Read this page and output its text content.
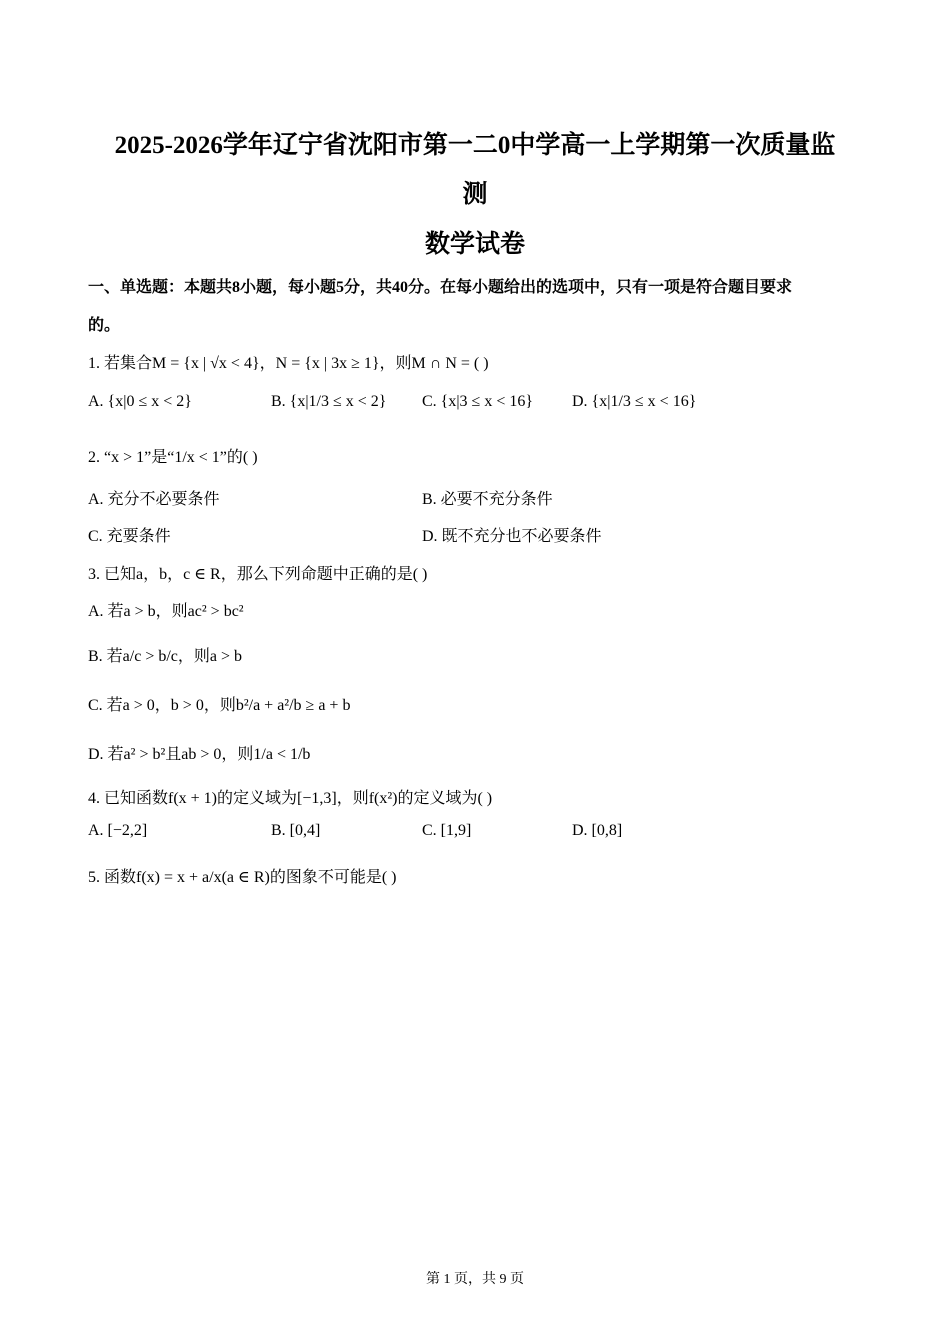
2025-2026学年辽宁省沈阳市第一二0中学高一上学期第一次质量监
测
数学试卷
一、单选题：本题共8小题，每小题5分，共40分。在每小题给出的选项中，只有一项是符合题目要求
的。
1. 若集合M = {x | √x < 4}，N = {x | 3x ≥ 1}，则M ∩ N = ( )
A. {x|0 ≤ x < 2}	B. {x|1/3 ≤ x < 2} C. {x|3 ≤ x < 16} D. {x|1/3 ≤ x < 16}
2. “x > 1”是“1/x < 1”的( )
A. 充分不必要条件	B. 必要不充分条件
C. 充要条件	D. 既不充分也不必要条件
3. 已知a，b，c ∈ R，那么下列命题中正确的是( )
A. 若a > b，则ac² > bc²
B. 若a/c > b/c，则a > b
C. 若a > 0，b > 0，则b²/a + a²/b ≥ a + b
D. 若a² > b²且ab > 0，则1/a < 1/b
4. 已知函数f(x + 1)的定义域为[−1,3]，则f(x²)的定义域为( )
A. [−2,2]	B. [0,4]	C. [1,9]	D. [0,8]
5. 函数f(x) = x + a/x(a ∈ R)的图象不可能是( )
第 1 页，共 9 页
